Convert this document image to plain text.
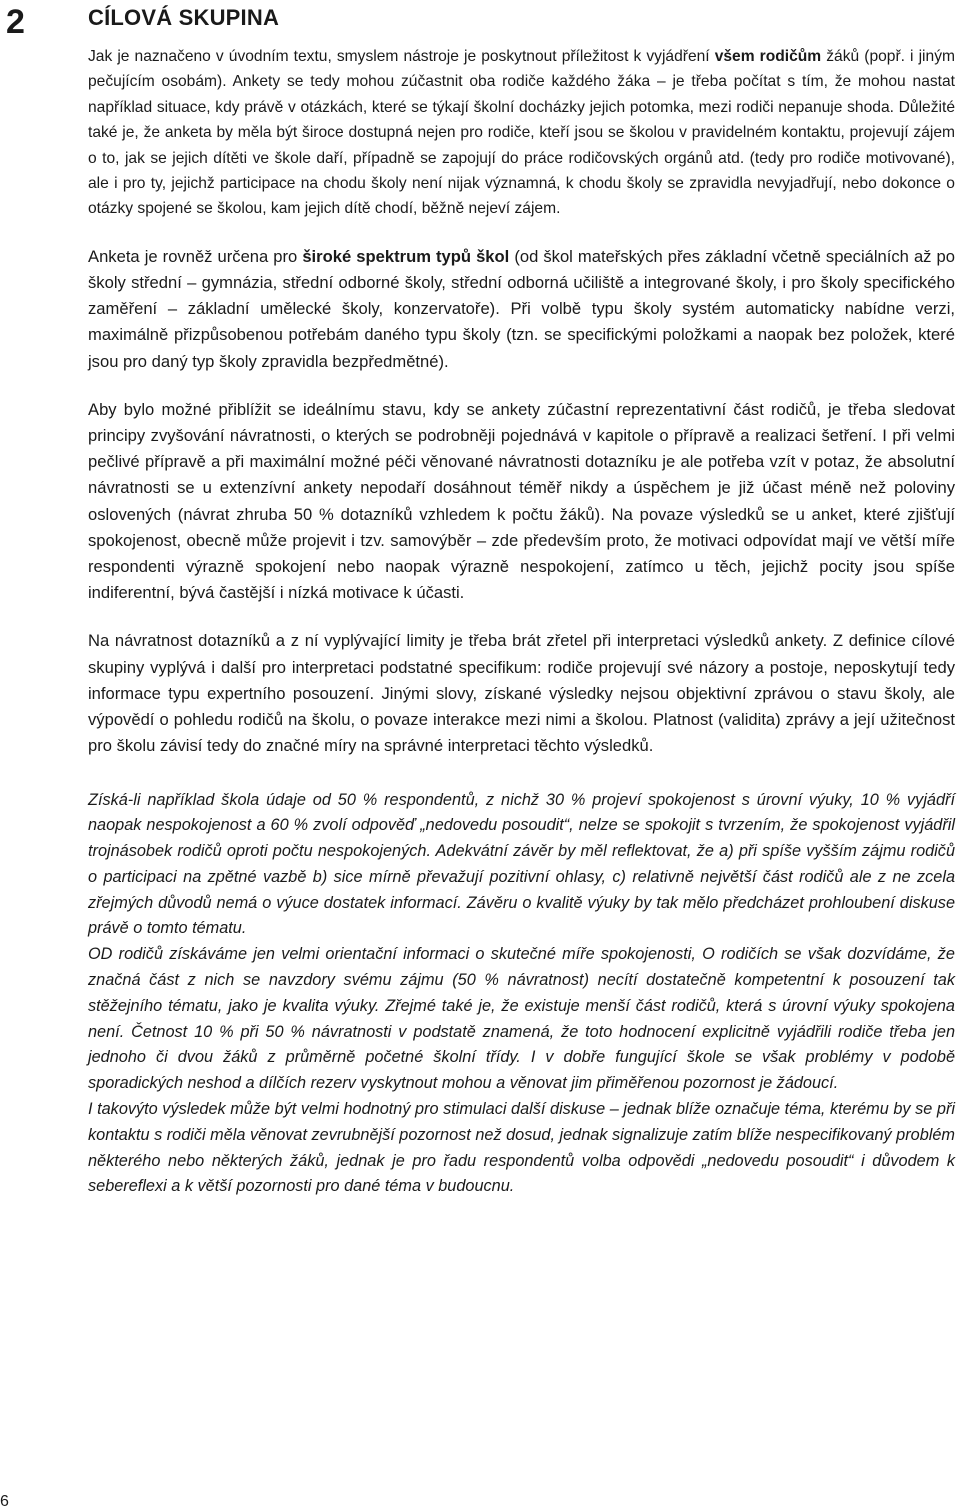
2	CÍLOVÁ SKUPINA

Jak je naznačeno v úvodním textu, smyslem nástroje je poskytnout příležitost k vyjádření všem rodičům žáků (popř. i jiným pečujícím osobám). Ankety se tedy mohou zúčastnit oba rodiče každého žáka – je třeba počítat s tím, že mohou nastat například situace, kdy právě v otázkách, které se týkají školní docházky jejich potomka, mezi rodiči nepanuje shoda. Důležité také je, že anketa by měla být široce dostupná nejen pro rodiče, kteří jsou se školou v pravidelném kontaktu, projevují zájem o to, jak se jejich dítěti ve škole daří, případně se zapojují do práce rodičovských orgánů atd. (tedy pro rodiče motivované), ale i pro ty, jejichž participace na chodu školy není nijak významná, k chodu školy se zpravidla nevyjadřují, nebo dokonce o otázky spojené se školou, kam jejich dítě chodí, běžně nejeví zájem.

Anketa je rovněž určena pro široké spektrum typů škol (od škol mateřských přes základní včetně speciálních až po školy střední – gymnázia, střední odborné školy, střední odborná učiliště a integrované školy, i pro školy specifického zaměření – základní umělecké školy, konzervatoře). Při volbě typu školy systém automaticky nabídne verzi, maximálně přizpůsobenou potřebám daného typu školy (tzn. se specifickými položkami a naopak bez položek, které jsou pro daný typ školy zpravidla bezpředmětné).

Aby bylo možné přiblížit se ideálnímu stavu, kdy se ankety zúčastní reprezentativní část rodičů, je třeba sledovat principy zvyšování návratnosti, o kterých se podrobněji pojednává v kapitole o přípravě a realizaci šetření. I při velmi pečlivé přípravě a při maximální možné péči věnované návratnosti dotazníku je ale potřeba vzít v potaz, že absolutní návratnosti se u extenzívní ankety nepodaří dosáhnout téměř nikdy a úspěchem je již účast méně než poloviny oslovených (návrat zhruba 50 % dotazníků vzhledem k počtu žáků). Na povaze výsledků se u anket, které zjišťují spokojenost, obecně může projevit i tzv. samovýběr – zde především proto, že motivaci odpovídat mají ve větší míře respondenti výrazně spokojení nebo naopak výrazně nespokojení, zatímco u těch, jejichž pocity jsou spíše indiferentní, bývá častější i nízká motivace k účasti.

Na návratnost dotazníků a z ní vyplývající limity je třeba brát zřetel při interpretaci výsledků ankety. Z definice cílové skupiny vyplývá i další pro interpretaci podstatné specifikum: rodiče projevují své názory a postoje, neposkytují tedy informace typu expertního posouzení. Jinými slovy, získané výsledky nejsou objektivní zprávou o stavu školy, ale výpovědí o pohledu rodičů na školu, o povaze interakce mezi nimi a školou. Platnost (validita) zprávy a její užitečnost pro školu závisí tedy do značné míry na správné interpretaci těchto výsledků.

Získá-li například škola údaje od 50 % respondentů, z nichž 30 % projeví spokojenost s úrovní výuky, 10 % vyjádří naopak nespokojenost a 60 % zvolí odpověď „nedovedu posoudit“, nelze se spokojit s tvrzením, že spokojenost vyjádřil trojnásobek rodičů oproti počtu nespokojených. Adekvátní závěr by měl reflektovat, že a) při spíše vyšším zájmu rodičů o participaci na zpětné vazbě b) sice mírně převažují pozitivní ohlasy, c) relativně největší část rodičů ale z ne zcela zřejmých důvodů nemá o výuce dostatek informací. Závěru o kvalitě výuky by tak mělo předcházet prohloubení diskuse právě o tomto tématu.

OD rodičů získáváme jen velmi orientační informaci o skutečné míře spokojenosti, O rodičích se však dozvídáme, že značná část z nich se navzdory svému zájmu (50 % návratnost) necítí dostatečně kompetentní k posouzení tak stěžejního tématu, jako je kvalita výuky. Zřejmé také je, že existuje menší část rodičů, která s úrovní výuky spokojena není. Četnost 10 % při 50 % návratnosti v podstatě znamená, že toto hodnocení explicitně vyjádřili rodiče třeba jen jednoho či dvou žáků z průměrně početné školní třídy. I v dobře fungující škole se však problémy v podobě sporadických neshod a dílčích rezerv vyskytnout mohou a věnovat jim přiměřenou pozornost je žádoucí.

I takovýto výsledek může být velmi hodnotný pro stimulaci další diskuse – jednak blíže označuje téma, kterému by se při kontaktu s rodiči měla věnovat zevrubnější pozornost než dosud, jednak signalizuje zatím blíže nespecifikovaný problém některého nebo některých žáků, jednak je pro řadu respondentů volba odpovědi „nedovedu posoudit“ i důvodem k sebereflexi a k větší pozornosti pro dané téma v budoucnu.

6
